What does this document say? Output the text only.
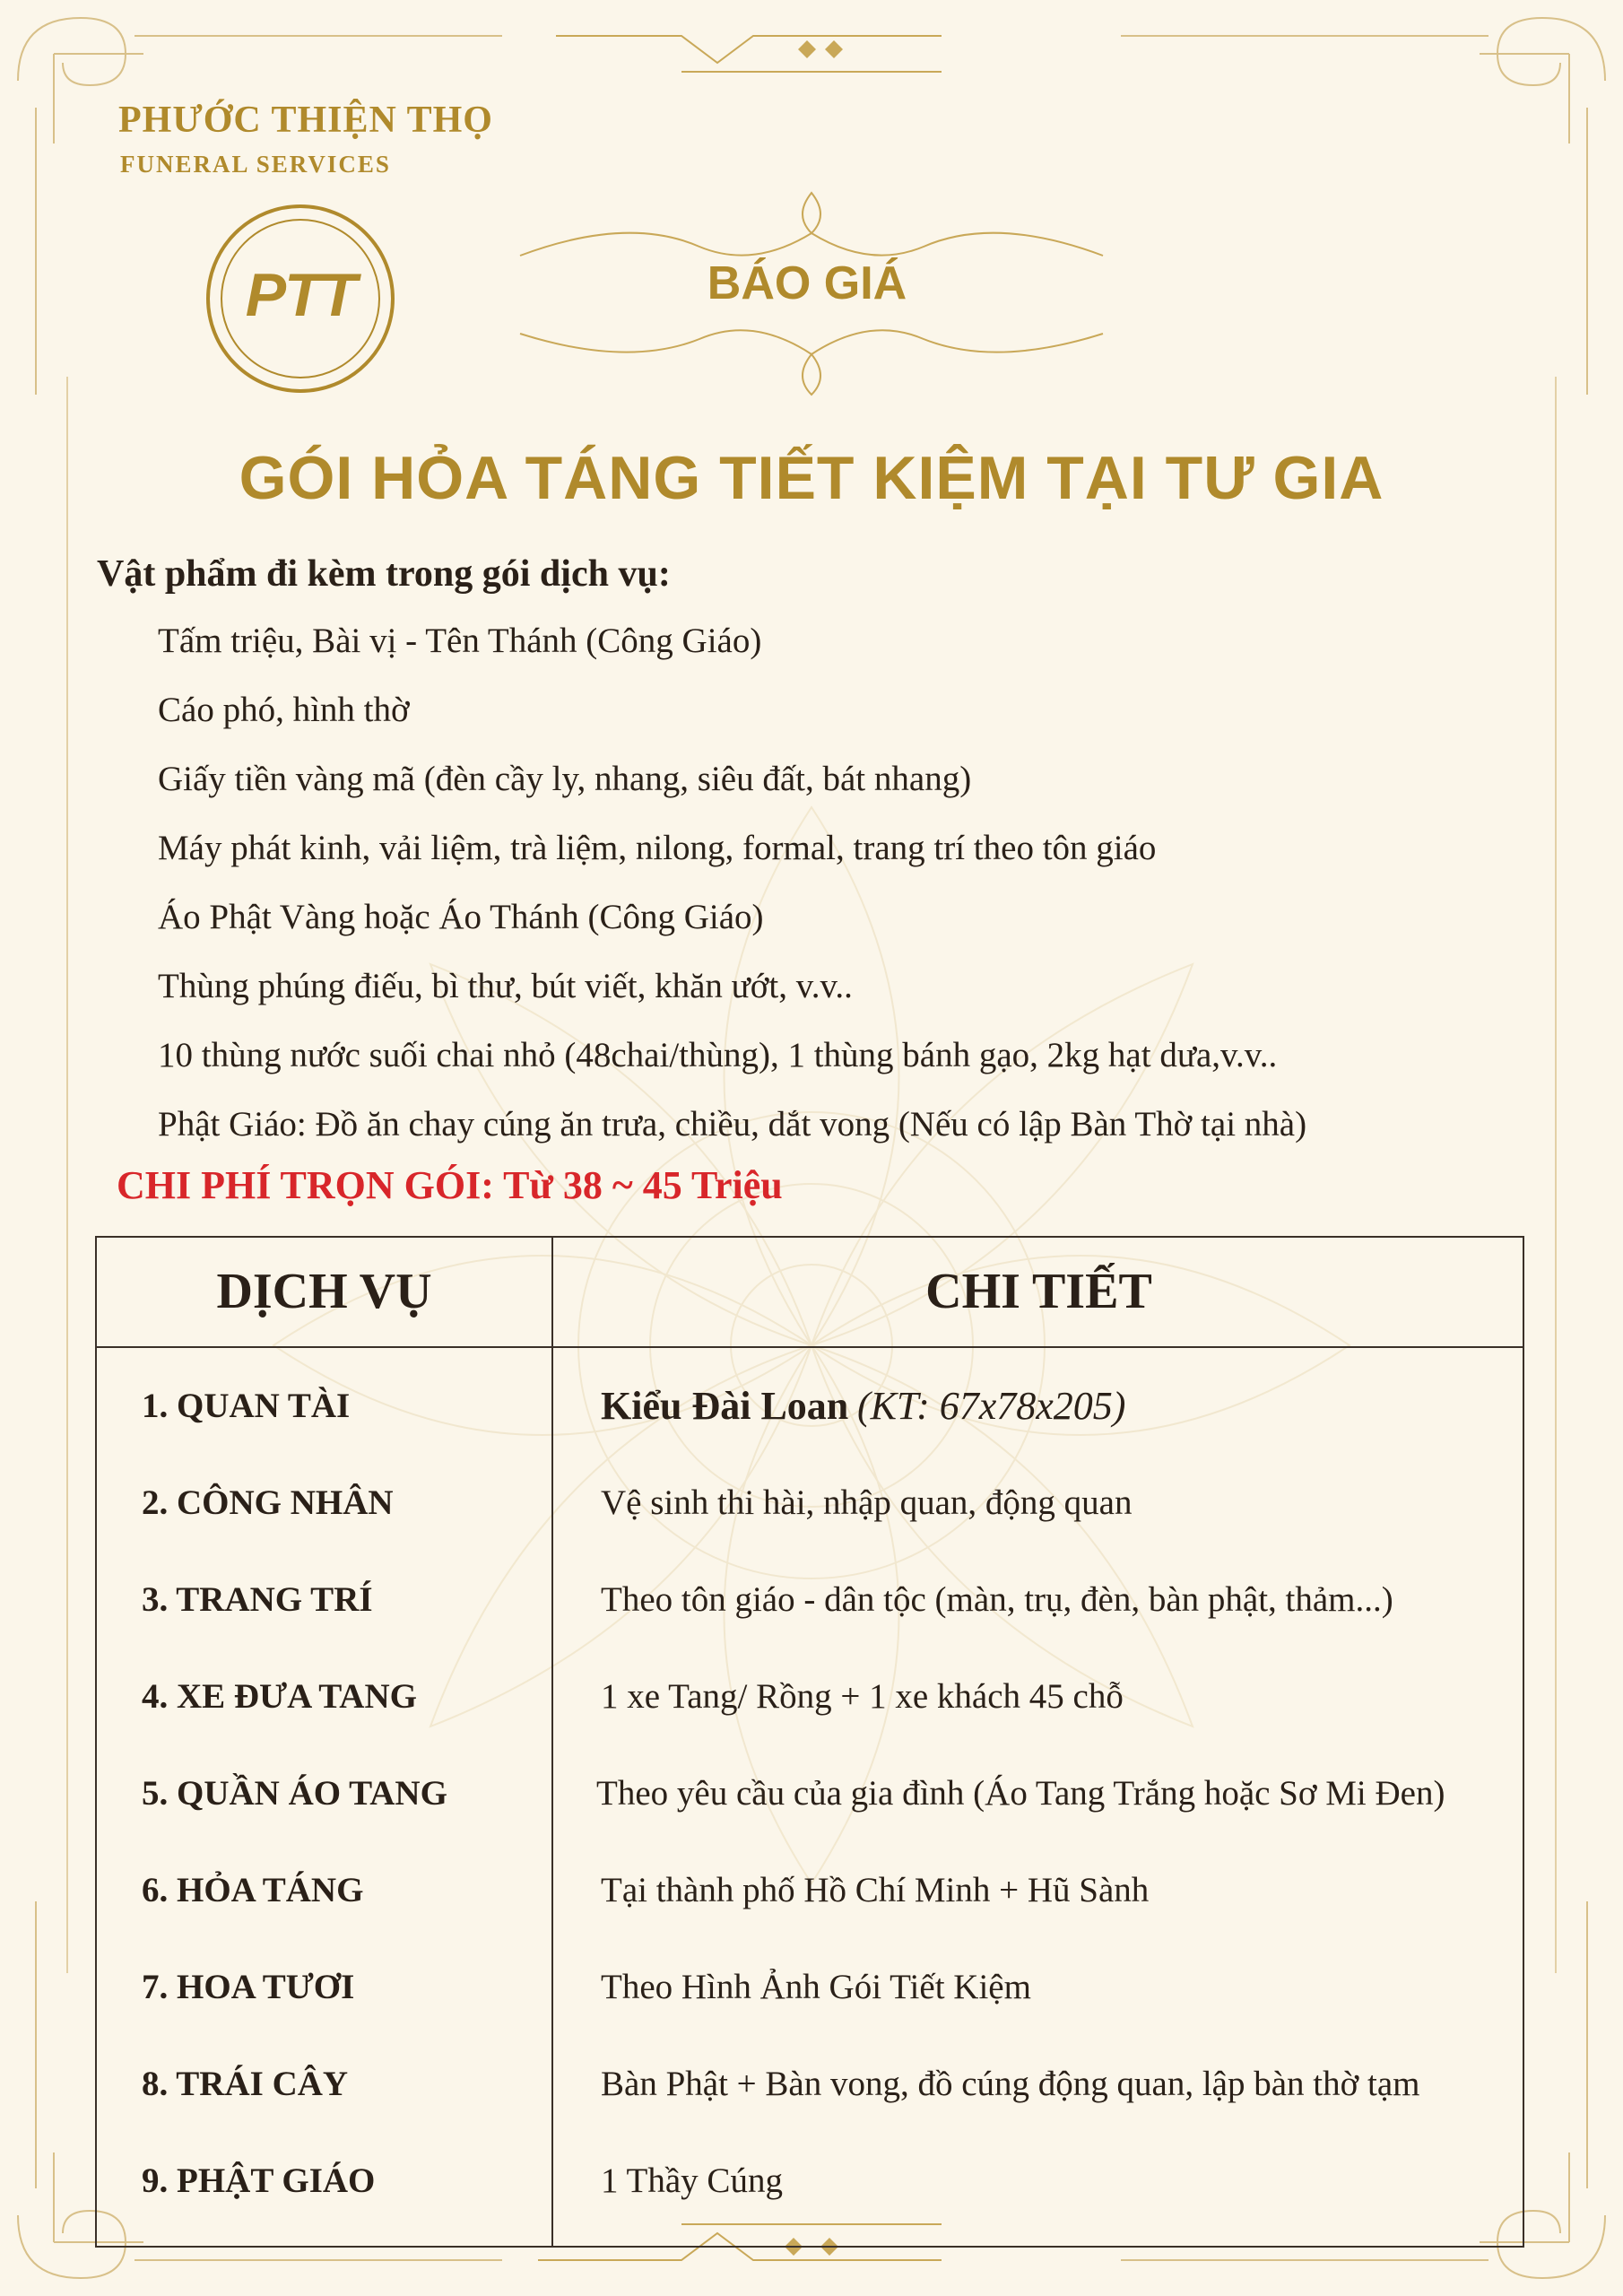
PHƯỚC THIỆN THỌ
FUNERAL SERVICES
PTT	BÁO GIÁ
GÓI HỎA TÁNG TIẾT KIỆM TẠI TƯ GIA
Vật phẩm đi kèm trong gói dịch vụ:
Tấm triệu, Bài vị - Tên Thánh (Công Giáo)
Cáo phó, hình thờ
Giấy tiền vàng mã (đèn cầy ly, nhang, siêu đất, bát nhang)
Máy phát kinh, vải liệm, trà liệm, nilong, formal, trang trí theo tôn giáo
Áo Phật Vàng hoặc Áo Thánh (Công Giáo)
Thùng phúng điếu, bì thư, bút viết, khăn ướt, v.v..
10 thùng nước suối chai nhỏ (48chai/thùng), 1 thùng bánh gạo, 2kg hạt dưa,v.v..
Phật Giáo: Đồ ăn chay cúng ăn trưa, chiều, dắt vong (Nếu có lập Bàn Thờ tại nhà)
CHI PHÍ TRỌN GÓI: Từ 38 ~ 45 Triệu
DỊCH VỤ	CHI TIẾT
1. QUAN TÀI	Kiểu Đài Loan (KT: 67x78x205)
2. CÔNG NHÂN	Vệ sinh thi hài, nhập quan, động quan
3. TRANG TRÍ	Theo tôn giáo - dân tộc (màn, trụ, đèn, bàn phật, thảm...)
4. XE ĐƯA TANG	1 xe Tang/ Rồng + 1 xe khách 45 chỗ
5. QUẦN ÁO TANG	Theo yêu cầu của gia đình (Áo Tang Trắng hoặc Sơ Mi Đen)
6. HỎA TÁNG	Tại thành phố Hồ Chí Minh + Hũ Sành
7. HOA TƯƠI	Theo Hình Ảnh Gói Tiết Kiệm
8. TRÁI CÂY	Bàn Phật + Bàn vong, đồ cúng động quan, lập bàn thờ tạm
9. PHẬT GIÁO	1 Thầy Cúng
